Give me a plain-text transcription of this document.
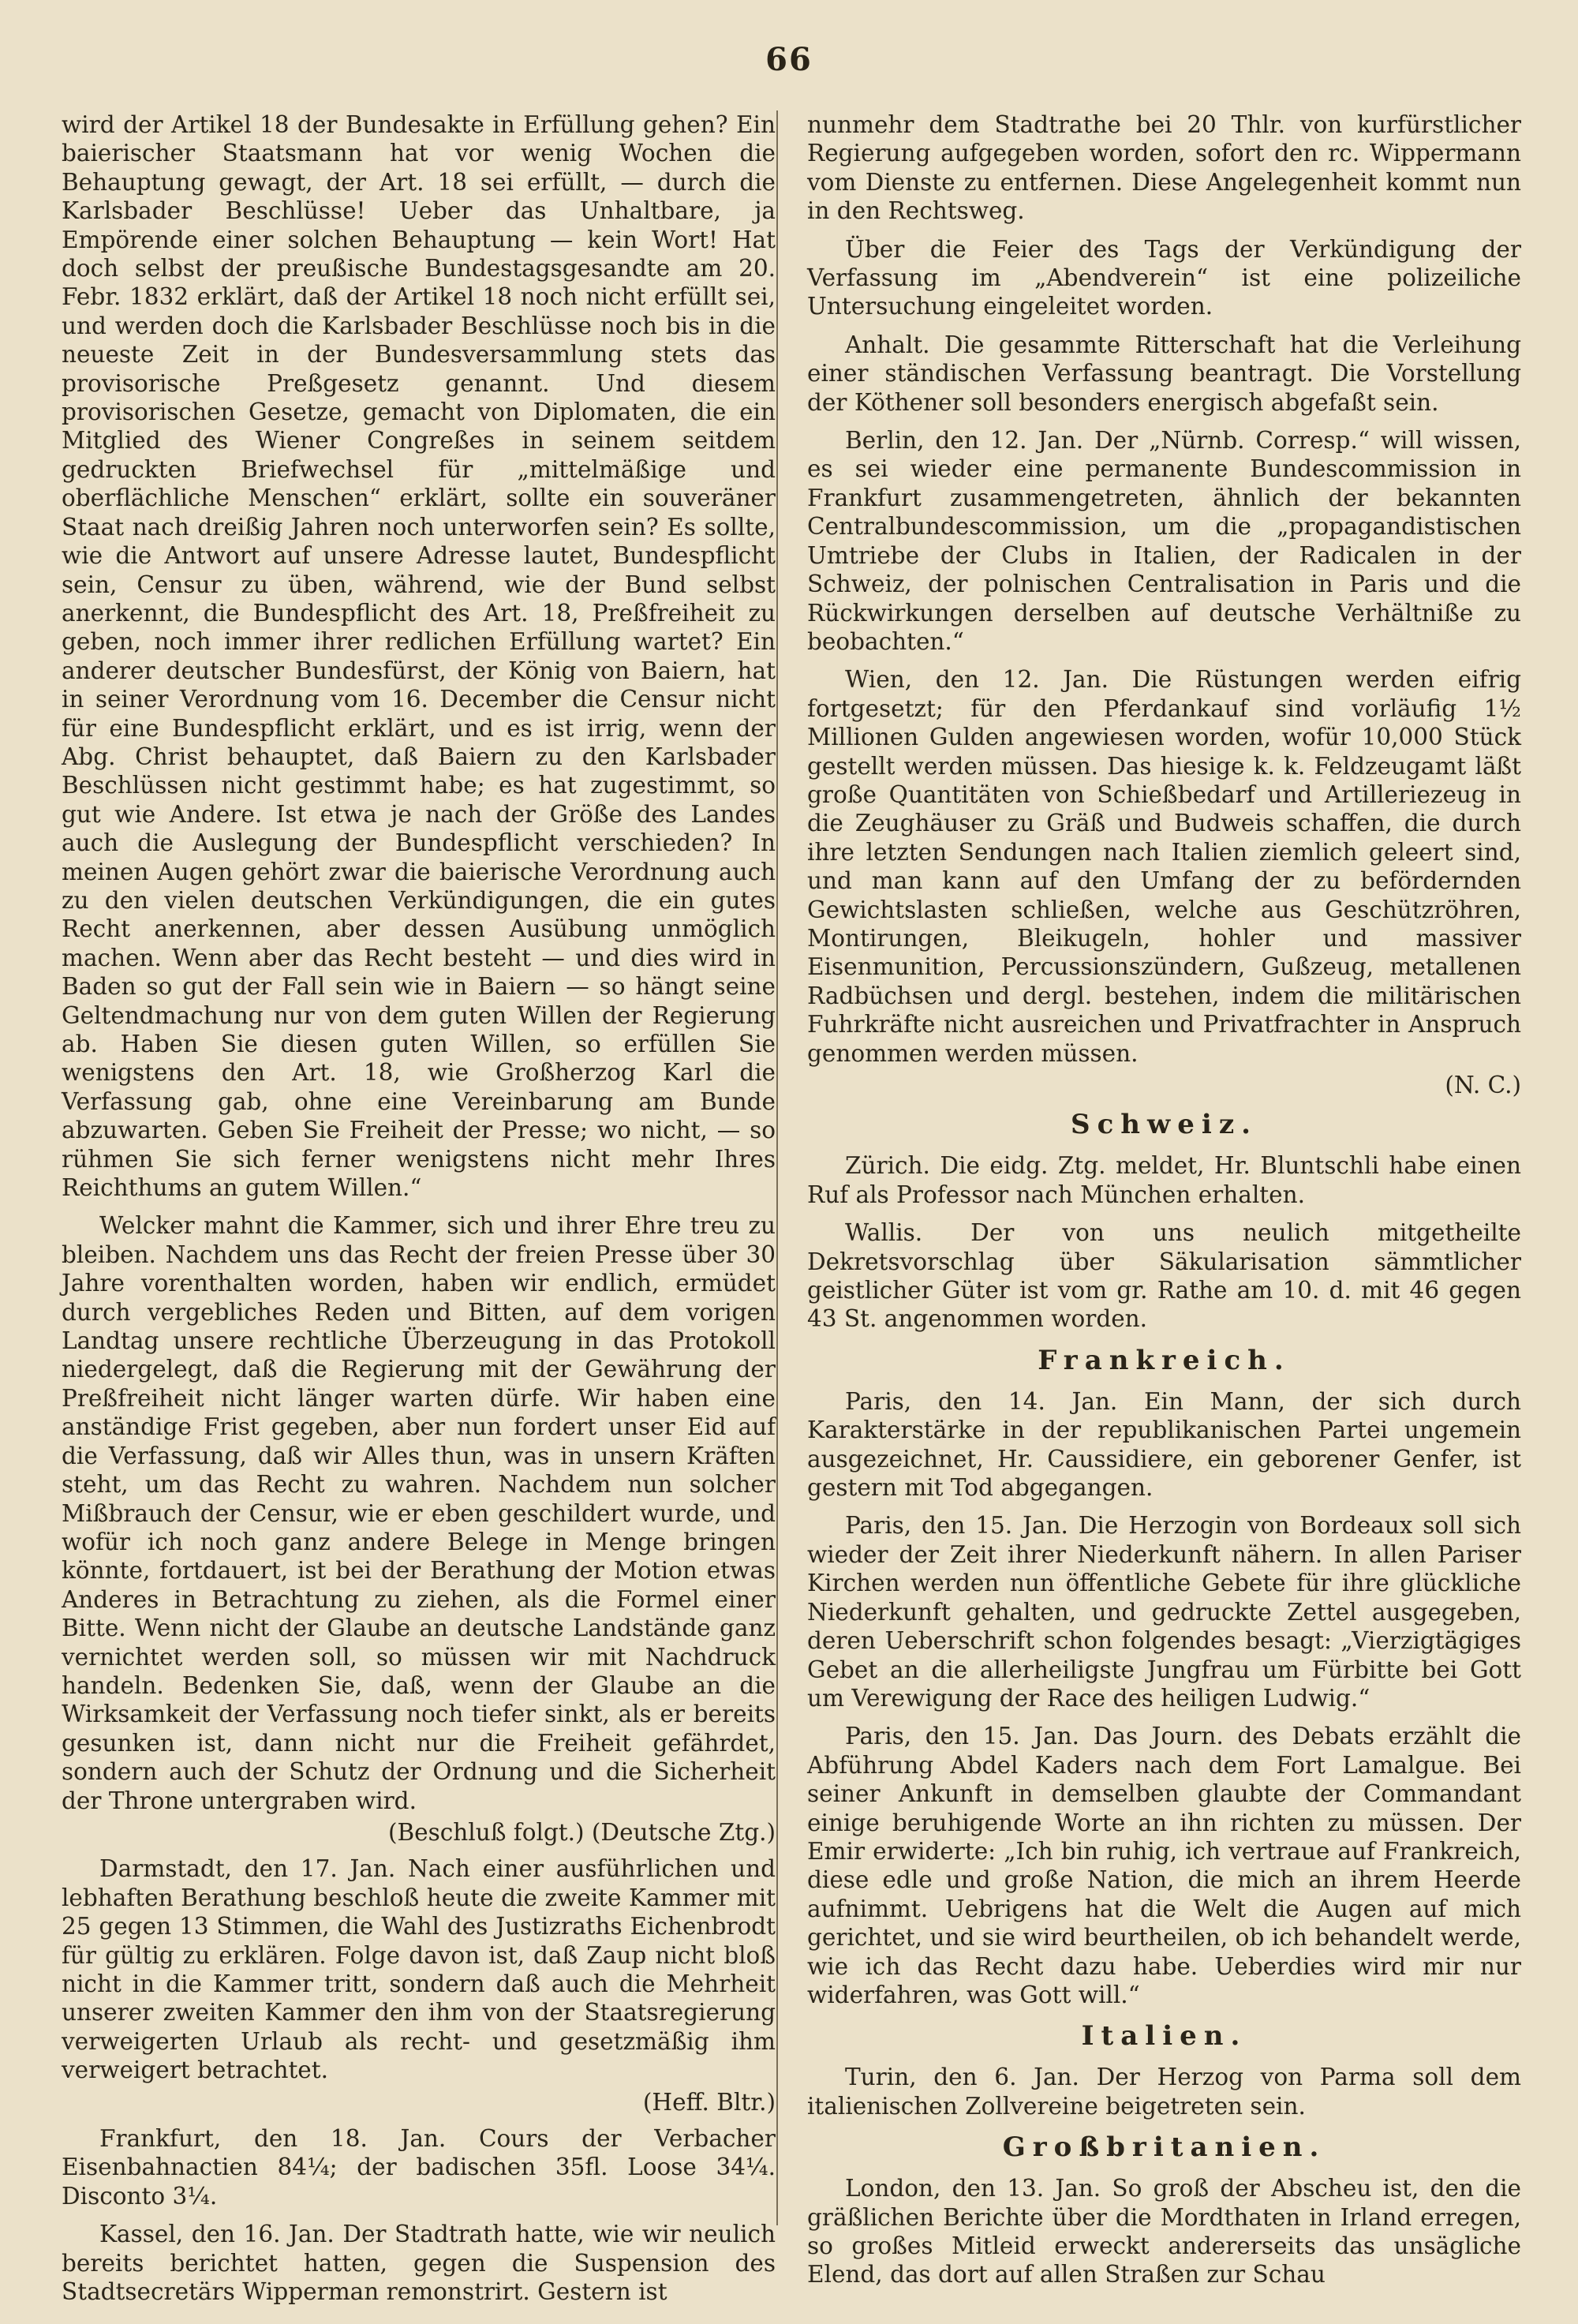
66

wird der Artikel 18 der Bundesakte in Erfüllung gehen? Ein baierischer Staatsmann hat vor wenig Wochen die Behauptung gewagt, der Art. 18 sei erfüllt, — durch die Karlsbader Beschlüsse! Ueber das Unhaltbare, ja Empörende einer solchen Behauptung — kein Wort! Hat doch selbst der preußische Bundestagsgesandte am 20. Febr. 1832 erklärt, daß der Artikel 18 noch nicht erfüllt sei, und werden doch die Karlsbader Beschlüsse noch bis in die neueste Zeit in der Bundesversammlung stets das provisorische Preßgesetz genannt. Und diesem provisorischen Gesetze, gemacht von Diplomaten, die ein Mitglied des Wiener Congreßes in seinem seitdem gedruckten Briefwechsel für „mittelmäßige und oberflächliche Menschen“ erklärt, sollte ein souveräner Staat nach dreißig Jahren noch unterworfen sein? Es sollte, wie die Antwort auf unsere Adresse lautet, Bundespflicht sein, Censur zu üben, während, wie der Bund selbst anerkennt, die Bundespflicht des Art. 18, Preßfreiheit zu geben, noch immer ihrer redlichen Erfüllung wartet? Ein anderer deutscher Bundesfürst, der König von Baiern, hat in seiner Verordnung vom 16. December die Censur nicht für eine Bundespflicht erklärt, und es ist irrig, wenn der Abg. Christ behauptet, daß Baiern zu den Karlsbader Beschlüssen nicht gestimmt habe; es hat zugestimmt, so gut wie Andere. Ist etwa je nach der Größe des Landes auch die Auslegung der Bundespflicht verschieden? In meinen Augen gehört zwar die baierische Verordnung auch zu den vielen deutschen Verkündigungen, die ein gutes Recht anerkennen, aber dessen Ausübung unmöglich machen. Wenn aber das Recht besteht — und dies wird in Baden so gut der Fall sein wie in Baiern — so hängt seine Geltendmachung nur von dem guten Willen der Regierung ab. Haben Sie diesen guten Willen, so erfüllen Sie wenigstens den Art. 18, wie Großherzog Karl die Verfassung gab, ohne eine Vereinbarung am Bunde abzuwarten. Geben Sie Freiheit der Presse; wo nicht, — so rühmen Sie sich ferner wenigstens nicht mehr Ihres Reichthums an gutem Willen.“

Welcker mahnt die Kammer, sich und ihrer Ehre treu zu bleiben. Nachdem uns das Recht der freien Presse über 30 Jahre vorenthalten worden, haben wir endlich, ermüdet durch vergebliches Reden und Bitten, auf dem vorigen Landtag unsere rechtliche Überzeugung in das Protokoll niedergelegt, daß die Regierung mit der Gewährung der Preßfreiheit nicht länger warten dürfe. Wir haben eine anständige Frist gegeben, aber nun fordert unser Eid auf die Verfassung, daß wir Alles thun, was in unsern Kräften steht, um das Recht zu wahren. Nachdem nun solcher Mißbrauch der Censur, wie er eben geschildert wurde, und wofür ich noch ganz andere Belege in Menge bringen könnte, fortdauert, ist bei der Berathung der Motion etwas Anderes in Betrachtung zu ziehen, als die Formel einer Bitte. Wenn nicht der Glaube an deutsche Landstände ganz vernichtet werden soll, so müssen wir mit Nachdruck handeln. Bedenken Sie, daß, wenn der Glaube an die Wirksamkeit der Verfassung noch tiefer sinkt, als er bereits gesunken ist, dann nicht nur die Freiheit gefährdet, sondern auch der Schutz der Ordnung und die Sicherheit der Throne untergraben wird.

(Beschluß folgt.) (Deutsche Ztg.)

Darmstadt, den 17. Jan. Nach einer ausführlichen und lebhaften Berathung beschloß heute die zweite Kammer mit 25 gegen 13 Stimmen, die Wahl des Justizraths Eichenbrodt für gültig zu erklären. Folge davon ist, daß Zaup nicht bloß nicht in die Kammer tritt, sondern daß auch die Mehrheit unserer zweiten Kammer den ihm von der Staatsregierung verweigerten Urlaub als recht- und gesetzmäßig ihm verweigert betrachtet.

(Heff. Bltr.)

Frankfurt, den 18. Jan. Cours der Verbacher Eisenbahnactien 84¼; der badischen 35fl. Loose 34¼. Disconto 3¼.

Kassel, den 16. Jan. Der Stadtrath hatte, wie wir neulich bereits berichtet hatten, gegen die Suspension des Stadtsecretärs Wipperman remonstrirt. Gestern ist

nunmehr dem Stadtrathe bei 20 Thlr. von kurfürstlicher Regierung aufgegeben worden, sofort den rc. Wippermann vom Dienste zu entfernen. Diese Angelegenheit kommt nun in den Rechtsweg.

Über die Feier des Tags der Verkündigung der Verfassung im „Abendverein“ ist eine polizeiliche Untersuchung eingeleitet worden.

Anhalt. Die gesammte Ritterschaft hat die Verleihung einer ständischen Verfassung beantragt. Die Vorstellung der Köthener soll besonders energisch abgefaßt sein.

Berlin, den 12. Jan. Der „Nürnb. Corresp.“ will wissen, es sei wieder eine permanente Bundescommission in Frankfurt zusammengetreten, ähnlich der bekannten Centralbundescommission, um die „propagandistischen Umtriebe der Clubs in Italien, der Radicalen in der Schweiz, der polnischen Centralisation in Paris und die Rückwirkungen derselben auf deutsche Verhältniße zu beobachten.“

Wien, den 12. Jan. Die Rüstungen werden eifrig fortgesetzt; für den Pferdankauf sind vorläufig 1½ Millionen Gulden angewiesen worden, wofür 10,000 Stück gestellt werden müssen. Das hiesige k. k. Feldzeugamt läßt große Quantitäten von Schießbedarf und Artilleriezeug in die Zeughäuser zu Gräß und Budweis schaffen, die durch ihre letzten Sendungen nach Italien ziemlich geleert sind, und man kann auf den Umfang der zu befördernden Gewichtslasten schließen, welche aus Geschützröhren, Montirungen, Bleikugeln, hohler und massiver Eisenmunition, Percussionszündern, Gußzeug, metallenen Radbüchsen und dergl. bestehen, indem die militärischen Fuhrkräfte nicht ausreichen und Privatfrachter in Anspruch genommen werden müssen.

(N. C.)
Schweiz.

Zürich. Die eidg. Ztg. meldet, Hr. Bluntschli habe einen Ruf als Professor nach München erhalten.

Wallis. Der von uns neulich mitgetheilte Dekretsvorschlag über Säkularisation sämmtlicher geistlicher Güter ist vom gr. Rathe am 10. d. mit 46 gegen 43 St. angenommen worden.

Frankreich.

Paris, den 14. Jan. Ein Mann, der sich durch Karakterstärke in der republikanischen Partei ungemein ausgezeichnet, Hr. Caussidiere, ein geborener Genfer, ist gestern mit Tod abgegangen.

Paris, den 15. Jan. Die Herzogin von Bordeaux soll sich wieder der Zeit ihrer Niederkunft nähern. In allen Pariser Kirchen werden nun öffentliche Gebete für ihre glückliche Niederkunft gehalten, und gedruckte Zettel ausgegeben, deren Ueberschrift schon folgendes besagt: „Vierzigtägiges Gebet an die allerheiligste Jungfrau um Fürbitte bei Gott um Verewigung der Race des heiligen Ludwig.“

Paris, den 15. Jan. Das Journ. des Debats erzählt die Abführung Abdel Kaders nach dem Fort Lamalgue. Bei seiner Ankunft in demselben glaubte der Commandant einige beruhigende Worte an ihn richten zu müssen. Der Emir erwiderte: „Ich bin ruhig, ich vertraue auf Frankreich, diese edle und große Nation, die mich an ihrem Heerde aufnimmt. Uebrigens hat die Welt die Augen auf mich gerichtet, und sie wird beurtheilen, ob ich behandelt werde, wie ich das Recht dazu habe. Ueberdies wird mir nur widerfahren, was Gott will.“

Italien.

Turin, den 6. Jan. Der Herzog von Parma soll dem italienischen Zollvereine beigetreten sein.

Großbritanien.

London, den 13. Jan. So groß der Abscheu ist, den die gräßlichen Berichte über die Mordthaten in Irland erregen, so großes Mitleid erweckt andererseits das unsägliche Elend, das dort auf allen Straßen zur Schau
